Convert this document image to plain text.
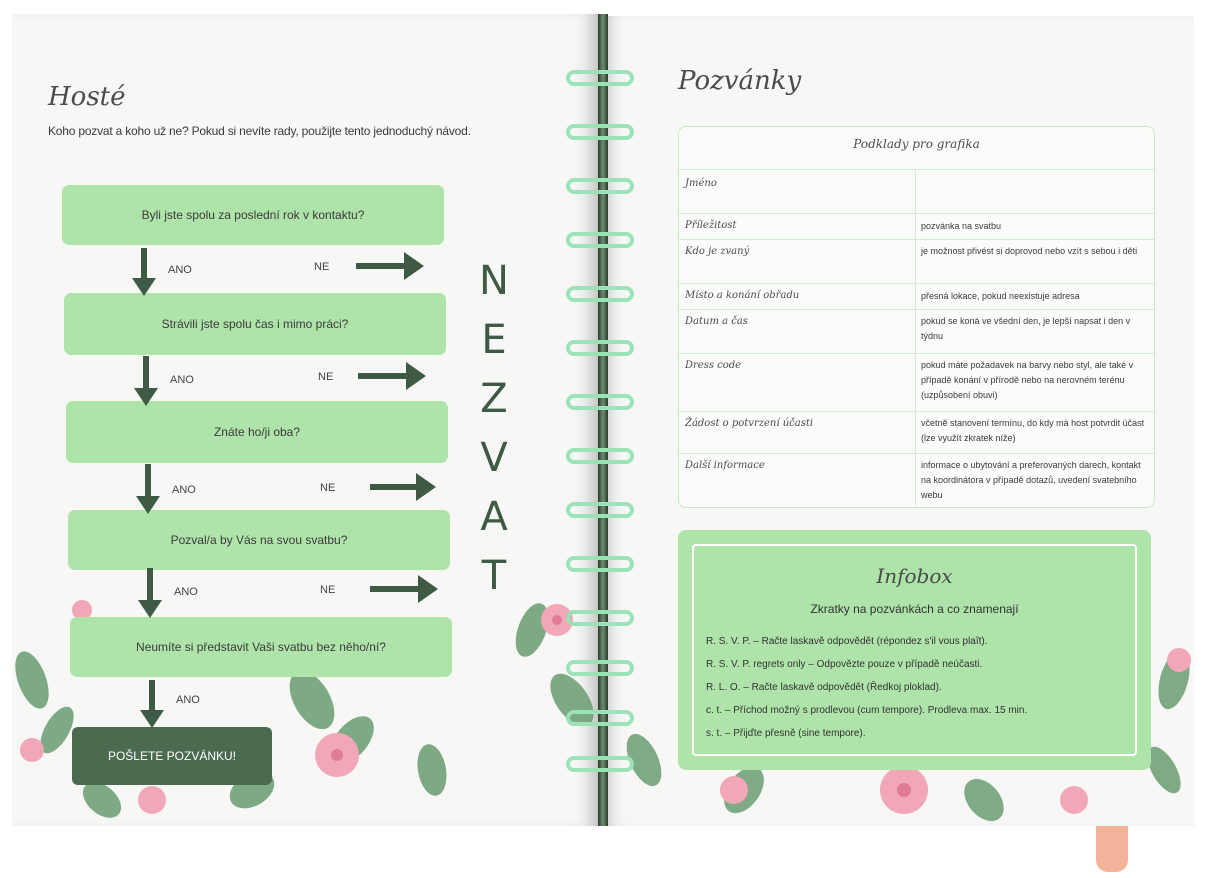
Hosté
Koho pozvat a koho už ne? Pokud si nevíte rady, použijte tento jednoduchý návod.
Byli jste spolu za poslední rok v kontaktu?
Strávili jste spolu čas i mimo práci?
Znáte ho/ji oba?
Pozval/a by Vás na svou svatbu?
Neumíte si představit Vaši svatbu bez něho/ní?
ANO	NE
ANO	NE
ANO	NE
ANO	NE
ANO
POŠLETE POZVÁNKU!
N
E
Z
V
A
T
Pozvánky
Podklady pro grafika
Jméno
Příležitost	pozvánka na svatbu
Kdo je zvaný	je možnost přivést si doprovod nebo vzít s sebou i děti
Místo a konání obřadu	přesná lokace, pokud neexistuje adresa
Datum a čas	pokud se koná ve všední den, je lepší napsat i den v týdnu
Dress code	pokud máte požadavek na barvy nebo styl, ale také v případě konání v přírodě nebo na nerovném terénu (uzpůsobení obuvi)
Žádost o potvrzení účasti	včetně stanovení termínu, do kdy má host potvrdit účast (lze využít zkratek níže)
Další informace	informace o ubytování a preferovaných darech, kontakt na koordinátora v případě dotazů, uvedení svatebního webu
Infobox
Zkratky na pozvánkách a co znamenají
R. S. V. P. – Račte laskavě odpovědět (répondez s'il vous plaît).
R. S. V. P. regrets only – Odpovězte pouze v případě neúčasti.
R. L. O. – Račte laskavě odpovědět (Ředkoj ploklad).
c. t. – Příchod možný s prodlevou (cum tempore). Prodleva max. 15 min.
s. t. – Přijďte přesně (sine tempore).
